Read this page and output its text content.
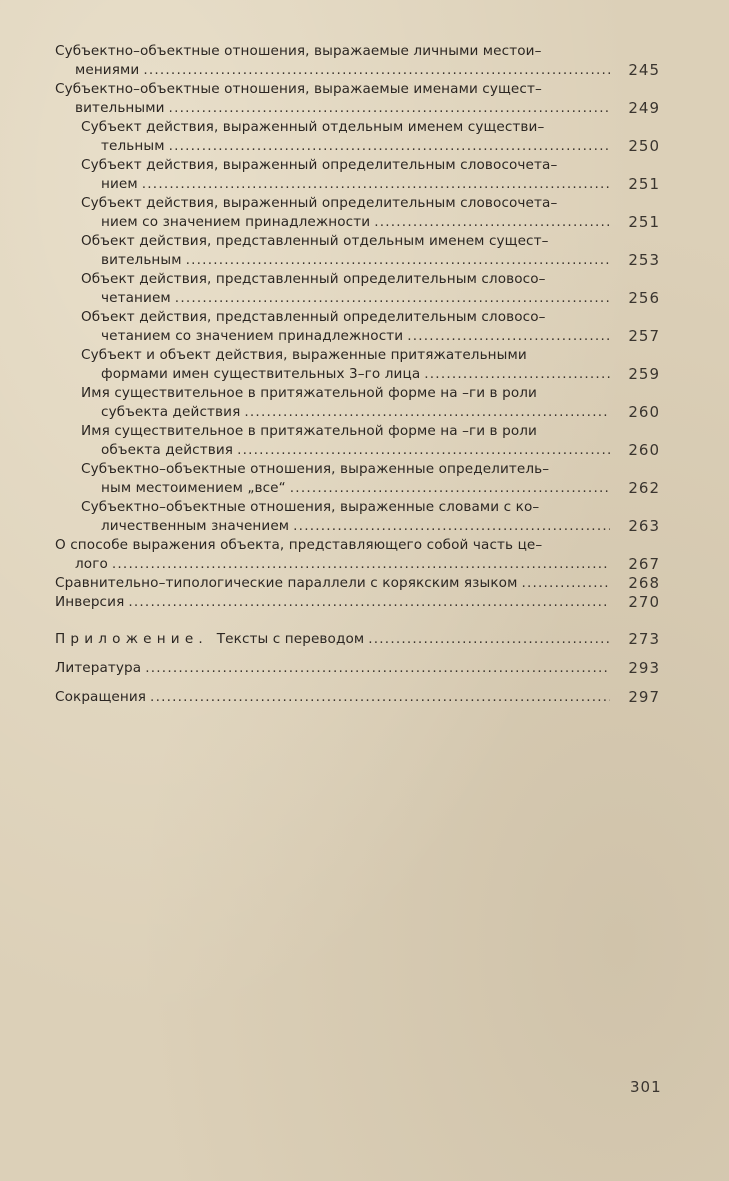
Субъектно–объектные отношения, выражаемые личными местои–
мениями .....	245
Субъектно–объектные отношения, выражаемые именами сущест–
вительными .....	249
Субъект действия, выраженный отдельным именем существи–
тельным .....	250
Субъект действия, выраженный определительным словосочета–
нием .....	251
Субъект действия, выраженный определительным словосочета–
нием со значением принадлежности .....	251
Объект действия, представленный отдельным именем сущест–
вительным .....	253
Объект действия, представленный определительным словосо–
четанием .....	256
Объект действия, представленный определительным словосо–
четанием со значением принадлежности .....	257
Субъект и объект действия, выраженные притяжательными
формами имен существительных 3–го лица .....	259
Имя существительное в притяжательной форме на –ги в роли
субъекта действия .....	260
Имя существительное в притяжательной форме на –ги в роли
объекта действия .....	260
Субъектно–объектные отношения, выраженные определитель–
ным местоимением „все“ .....	262
Субъектно–объектные отношения, выраженные словами с ко–
личественным значением .....	263
О способе выражения объекта, представляющего собой часть це–
лого .....	267
Сравнительно–типологические параллели с корякским языком .....	268
Инверсия .....	270
Приложение. Тексты с переводом .....	273
Литература .....	293
Сокращения .....	297
301
